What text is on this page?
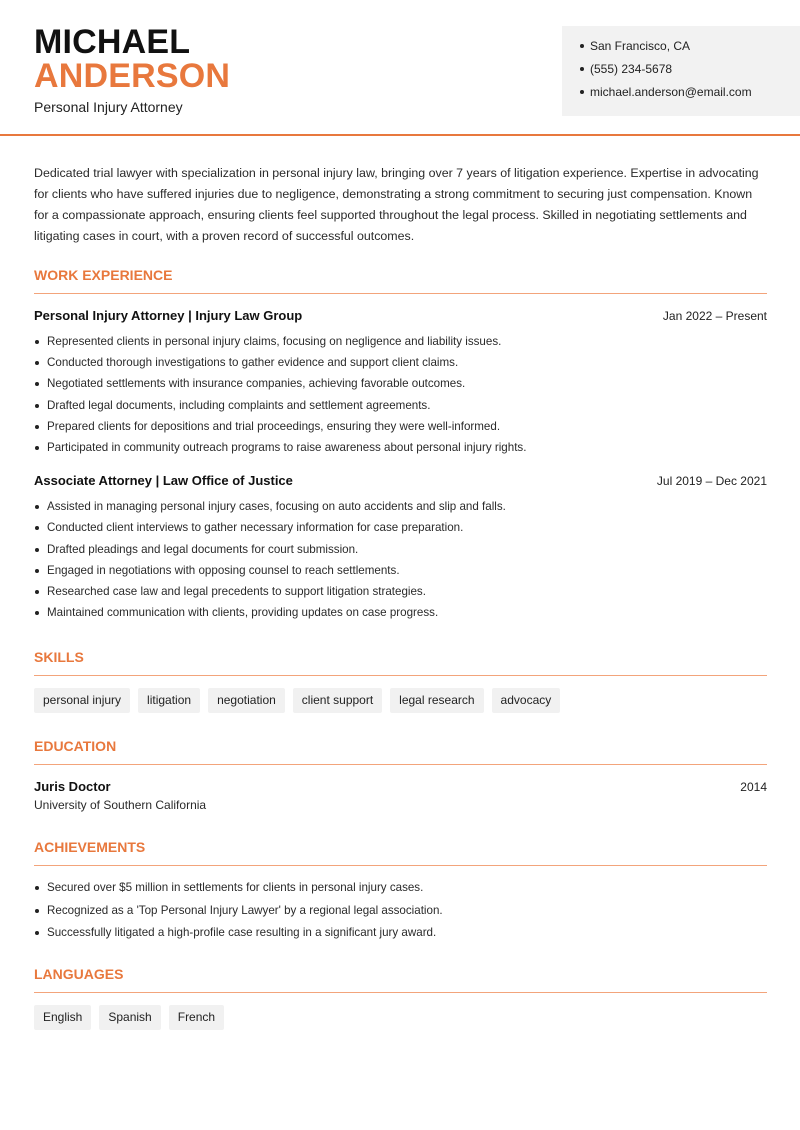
MICHAEL
ANDERSON
Personal Injury Attorney
San Francisco, CA
(555) 234-5678
michael.anderson@email.com
Dedicated trial lawyer with specialization in personal injury law, bringing over 7 years of litigation experience. Expertise in advocating for clients who have suffered injuries due to negligence, demonstrating a strong commitment to securing just compensation. Known for a compassionate approach, ensuring clients feel supported throughout the legal process. Skilled in negotiating settlements and litigating cases in court, with a proven record of successful outcomes.
WORK EXPERIENCE
Personal Injury Attorney | Injury Law Group	Jan 2022 – Present
Represented clients in personal injury claims, focusing on negligence and liability issues.
Conducted thorough investigations to gather evidence and support client claims.
Negotiated settlements with insurance companies, achieving favorable outcomes.
Drafted legal documents, including complaints and settlement agreements.
Prepared clients for depositions and trial proceedings, ensuring they were well-informed.
Participated in community outreach programs to raise awareness about personal injury rights.
Associate Attorney | Law Office of Justice	Jul 2019 – Dec 2021
Assisted in managing personal injury cases, focusing on auto accidents and slip and falls.
Conducted client interviews to gather necessary information for case preparation.
Drafted pleadings and legal documents for court submission.
Engaged in negotiations with opposing counsel to reach settlements.
Researched case law and legal precedents to support litigation strategies.
Maintained communication with clients, providing updates on case progress.
SKILLS
personal injury	litigation	negotiation	client support	legal research	advocacy
EDUCATION
Juris Doctor	2014
University of Southern California
ACHIEVEMENTS
Secured over $5 million in settlements for clients in personal injury cases.
Recognized as a 'Top Personal Injury Lawyer' by a regional legal association.
Successfully litigated a high-profile case resulting in a significant jury award.
LANGUAGES
English	Spanish	French
